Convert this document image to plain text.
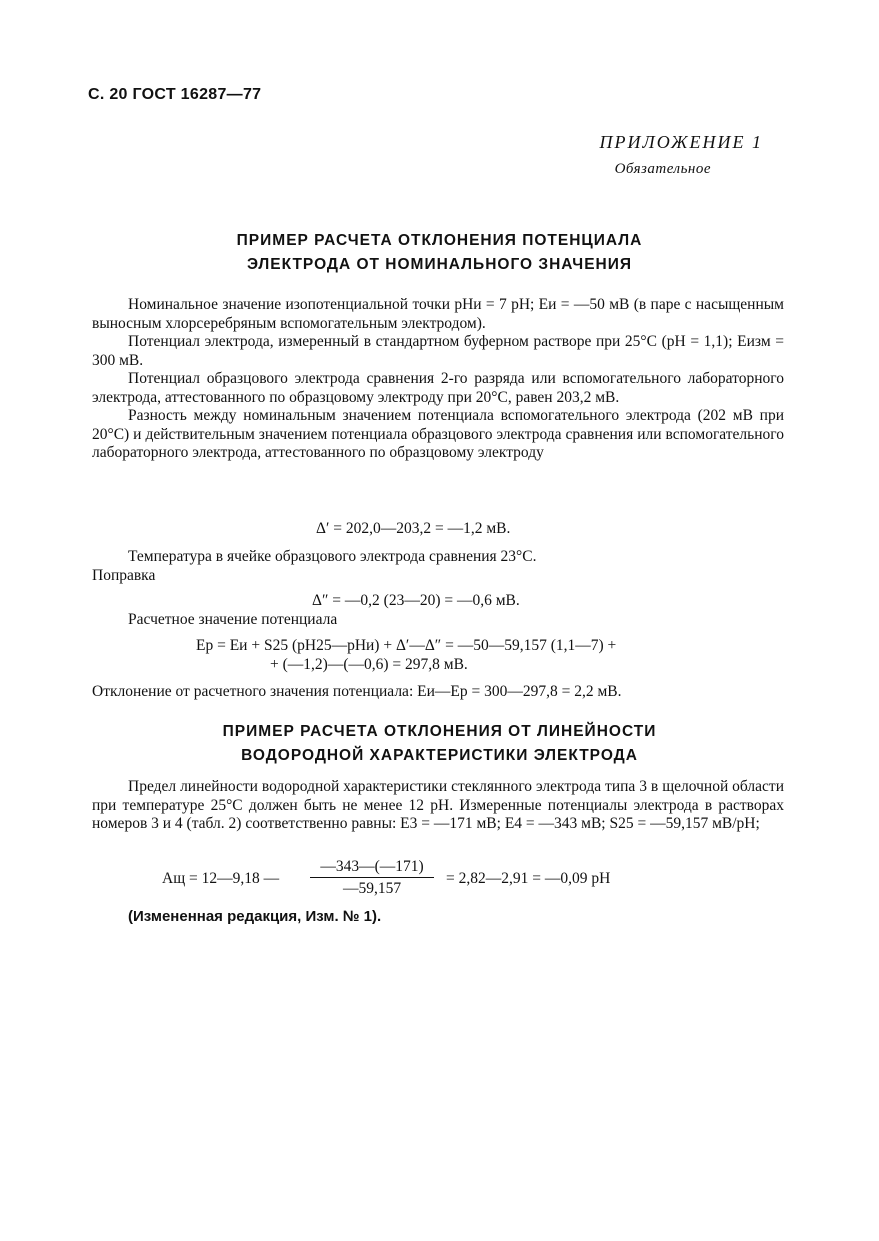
С. 20 ГОСТ 16287—77
ПРИЛОЖЕНИЕ 1
Обязательное
ПРИМЕР РАСЧЕТА ОТКЛОНЕНИЯ ПОТЕНЦИАЛА
ЭЛЕКТРОДА ОТ НОМИНАЛЬНОГО ЗНАЧЕНИЯ

Номинальное значение изопотенциальной точки pHи = 7 pH; Eи = —50 мВ (в паре с насыщенным выносным хлорсеребряным вспомогательным электродом).

Потенциал электрода, измеренный в стандартном буферном растворе при 25°С (pH = 1,1); Eизм = 300 мВ.

Потенциал образцового электрода сравнения 2-го разряда или вспомогательного лабораторного электрода, аттестованного по образцовому электроду при 20°С, равен 203,2 мВ.

Разность между номинальным значением потенциала вспомогательного электрода (202 мВ при 20°С) и действительным значением потенциала образцового электрода сравнения или вспомогательного лабораторного электрода, аттестованного по образцовому электроду

Δ′ = 202,0—203,2 = —1,2 мВ.
Температура в ячейке образцового электрода сравнения 23°С.
Поправка
Δ″ = —0,2 (23—20) = —0,6 мВ.
Расчетное значение потенциала
Eр = Eи + S25 (pH25—pHи) + Δ′—Δ″ = —50—59,157 (1,1—7) +
+ (—1,2)—(—0,6) = 297,8 мВ.
Отклонение от расчетного значения потенциала: Eи—Eр = 300—297,8 = 2,2 мВ.
ПРИМЕР РАСЧЕТА ОТКЛОНЕНИЯ ОТ ЛИНЕЙНОСТИ
ВОДОРОДНОЙ ХАРАКТЕРИСТИКИ ЭЛЕКТРОДА

Предел линейности водородной характеристики стеклянного электрода типа 3 в щелочной области при температуре 25°С должен быть не менее 12 pH. Измеренные потенциалы электрода в растворах номеров 3 и 4 (табл. 2) соответственно равны: E3 = —171 мВ; E4 = —343 мВ; S25 = —59,157 мВ/pH;

Aщ = 12—9,18 — $\frac{—343—(—171)}{—59,157}$ = 2,82—2,91 = —0,09 pH
(Измененная редакция, Изм. № 1).
